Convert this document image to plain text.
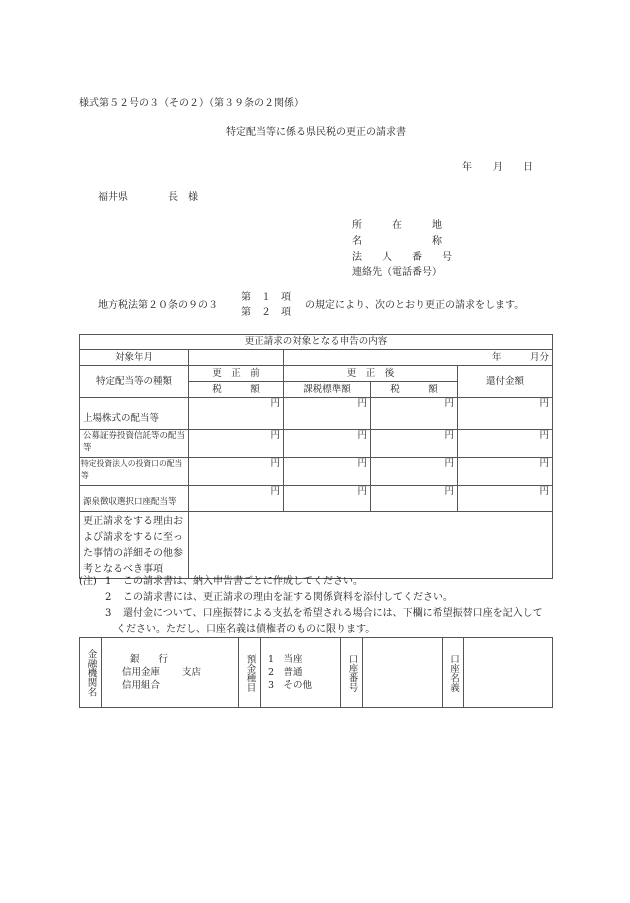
様式第５２号の３（その２）（第３９条の２関係）
特定配当等に係る県民税の更正の請求書
年 月 日
福井県	長　様
所　　　在　　　地
名　　　　　　　称
法　　人　　番　　号
連絡先（電話番号）
地方税法第２０条の９の３
第　１　項
第　２　項
の規定により、次のとおり更正の請求をします。
更正請求の対象となる申告の内容				
対象年月		年　　　月分		
特定配当等の種類	更　正　前	更　正　後		還付金額
	税　　　額	課税標準額	税　　　額	
上場株式の配当等	円	円	円	円
公募証券投資信託等の配当等	円	円	円	円
特定投資法人の投資口の配当等	円	円	円	円
源泉徴収選択口座配当等	円	円	円	円
更正請求をする理由および請求をするに至った事情の詳細その他参考となるべき事項				
(注) 1 この請求書は、納入申告書ごとに作成してください。
2 この請求書には、更正請求の理由を証する関係資料を添付してください。
3 還付金について、口座振替による支払を希望される場合には、下欄に希望振替口座を記入して
ください。ただし、口座名義は債権者のものに限ります。
金融機関名	銀　　行
信用金庫 支店
信用組合	預金種目	1　当座
2　普通
3　その他	口座番号		口座名義	
